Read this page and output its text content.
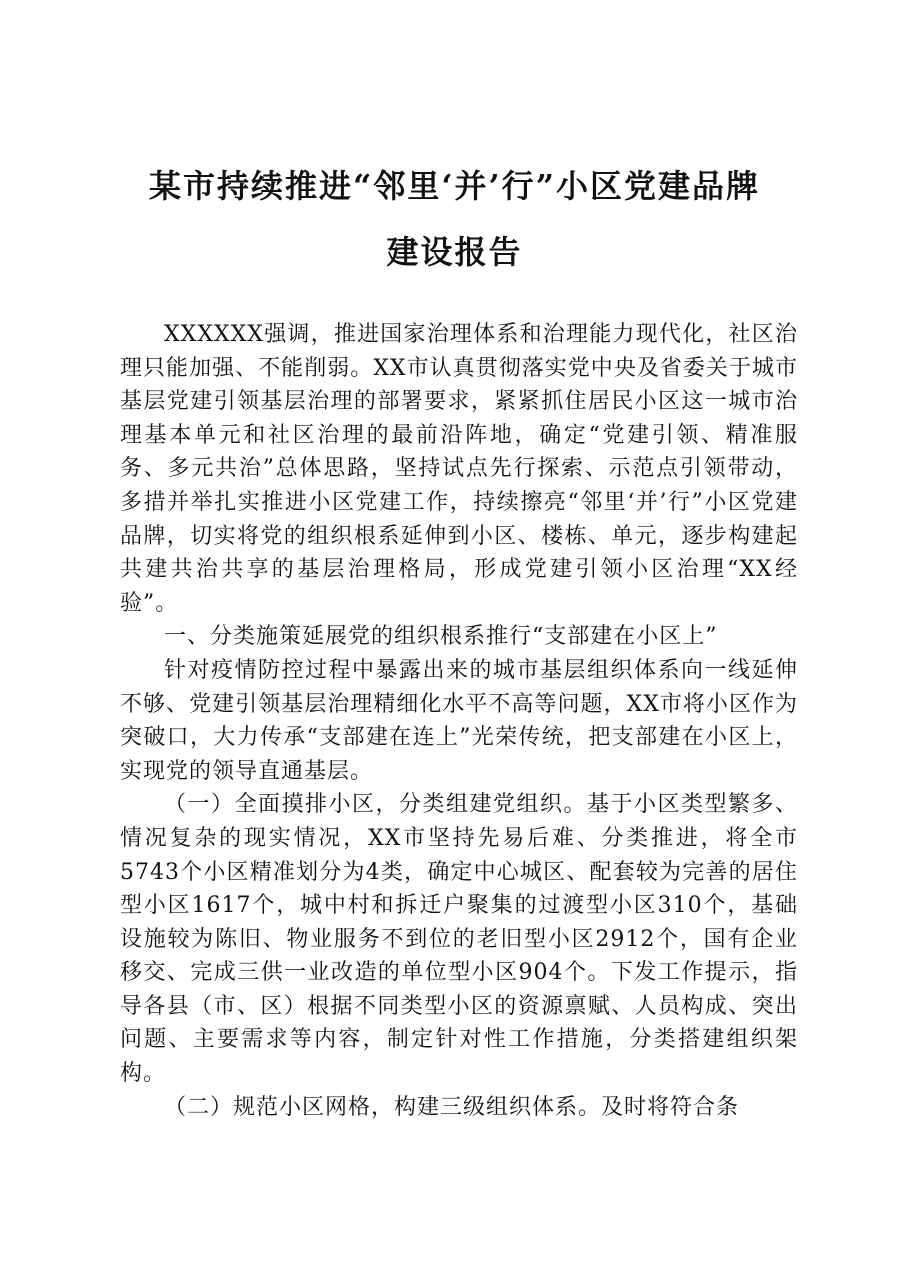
某市持续推进“邻里‘并’行”小区党建品牌
建设报告

XXXXXX强调，推进国家治理体系和治理能力现代化，社区治理只能加强、不能削弱。XX市认真贯彻落实党中央及省委关于城市基层党建引领基层治理的部署要求，紧紧抓住居民小区这一城市治理基本单元和社区治理的最前沿阵地，确定“党建引领、精准服务、多元共治”总体思路，坚持试点先行探索、示范点引领带动，多措并举扎实推进小区党建工作，持续擦亮“邻里‘并’行”小区党建品牌，切实将党的组织根系延伸到小区、楼栋、单元，逐步构建起共建共治共享的基层治理格局，形成党建引领小区治理“XX经验”。

一、分类施策延展党的组织根系推行“支部建在小区上”

针对疫情防控过程中暴露出来的城市基层组织体系向一线延伸不够、党建引领基层治理精细化水平不高等问题，XX市将小区作为突破口，大力传承“支部建在连上”光荣传统，把支部建在小区上，实现党的领导直通基层。

（一）全面摸排小区，分类组建党组织。基于小区类型繁多、情况复杂的现实情况，XX市坚持先易后难、分类推进，将全市5743个小区精准划分为4类，确定中心城区、配套较为完善的居住型小区1617个，城中村和拆迁户聚集的过渡型小区310个，基础设施较为陈旧、物业服务不到位的老旧型小区2912个，国有企业移交、完成三供一业改造的单位型小区904个。下发工作提示，指导各县（市、区）根据不同类型小区的资源禀赋、人员构成、突出问题、主要需求等内容，制定针对性工作措施，分类搭建组织架构。

（二）规范小区网格，构建三级组织体系。及时将符合条
